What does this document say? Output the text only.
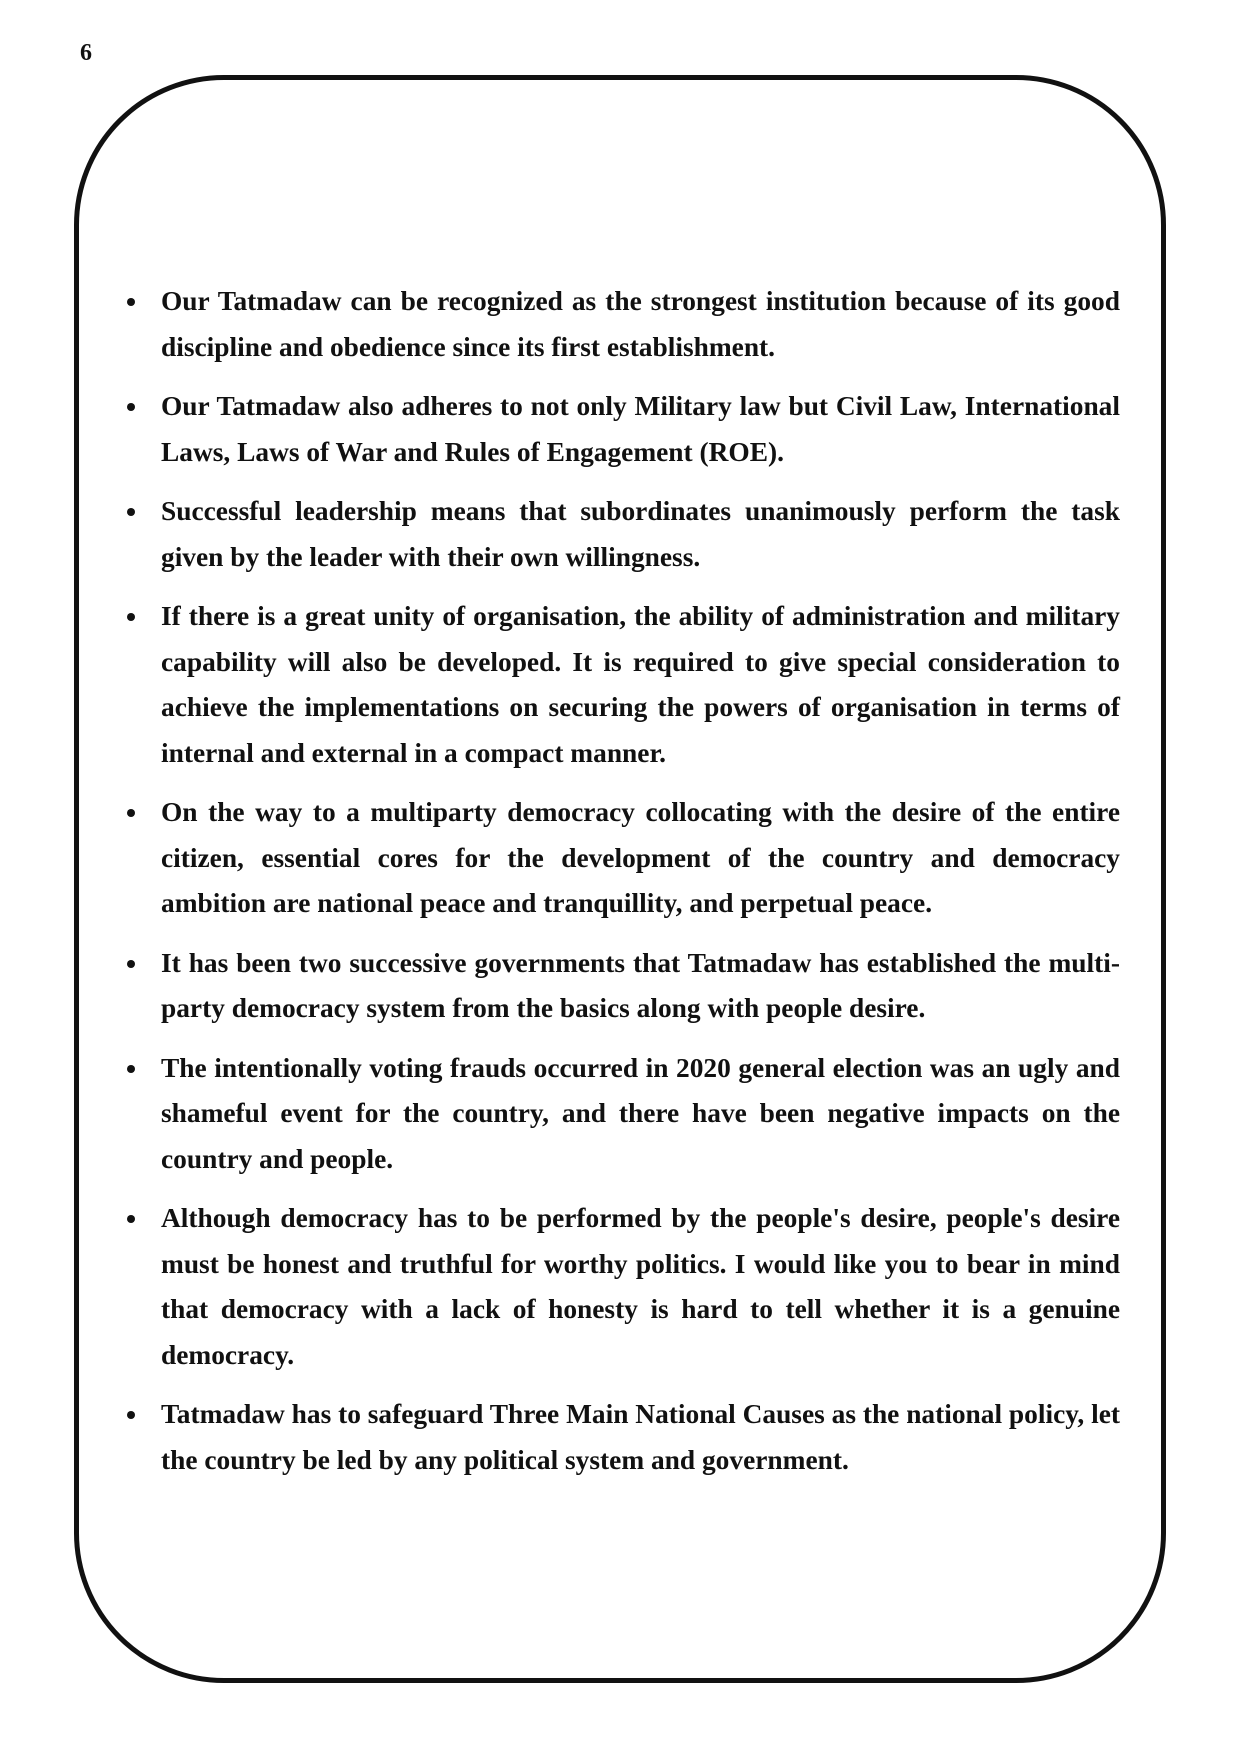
6
Our Tatmadaw can be recognized as the strongest institution because of its good discipline and obedience since its first establishment.
Our Tatmadaw also adheres to not only Military law but Civil Law, International Laws, Laws of War and Rules of Engagement (ROE).
Successful leadership means that subordinates unanimously perform the task given by the leader with their own willingness.
If there is a great unity of organisation, the ability of administration and military capability will also be developed. It is required to give special consideration to achieve the implementations on securing the powers of organisation in terms of internal and external in a compact manner.
On the way to a multiparty democracy collocating with the desire of the entire citizen, essential cores for the development of the country and democracy ambition are national peace and tranquillity, and perpetual peace.
It has been two successive governments that Tatmadaw has established the multi-party democracy system from the basics along with people desire.
The intentionally voting frauds occurred in 2020 general election was an ugly and shameful event for the country, and there have been negative impacts on the country and people.
Although democracy has to be performed by the people's desire, people's desire must be honest and truthful for worthy politics. I would like you to bear in mind that democracy with a lack of honesty is hard to tell whether it is a genuine democracy.
Tatmadaw has to safeguard Three Main National Causes as the national policy, let the country be led by any political system and government.
